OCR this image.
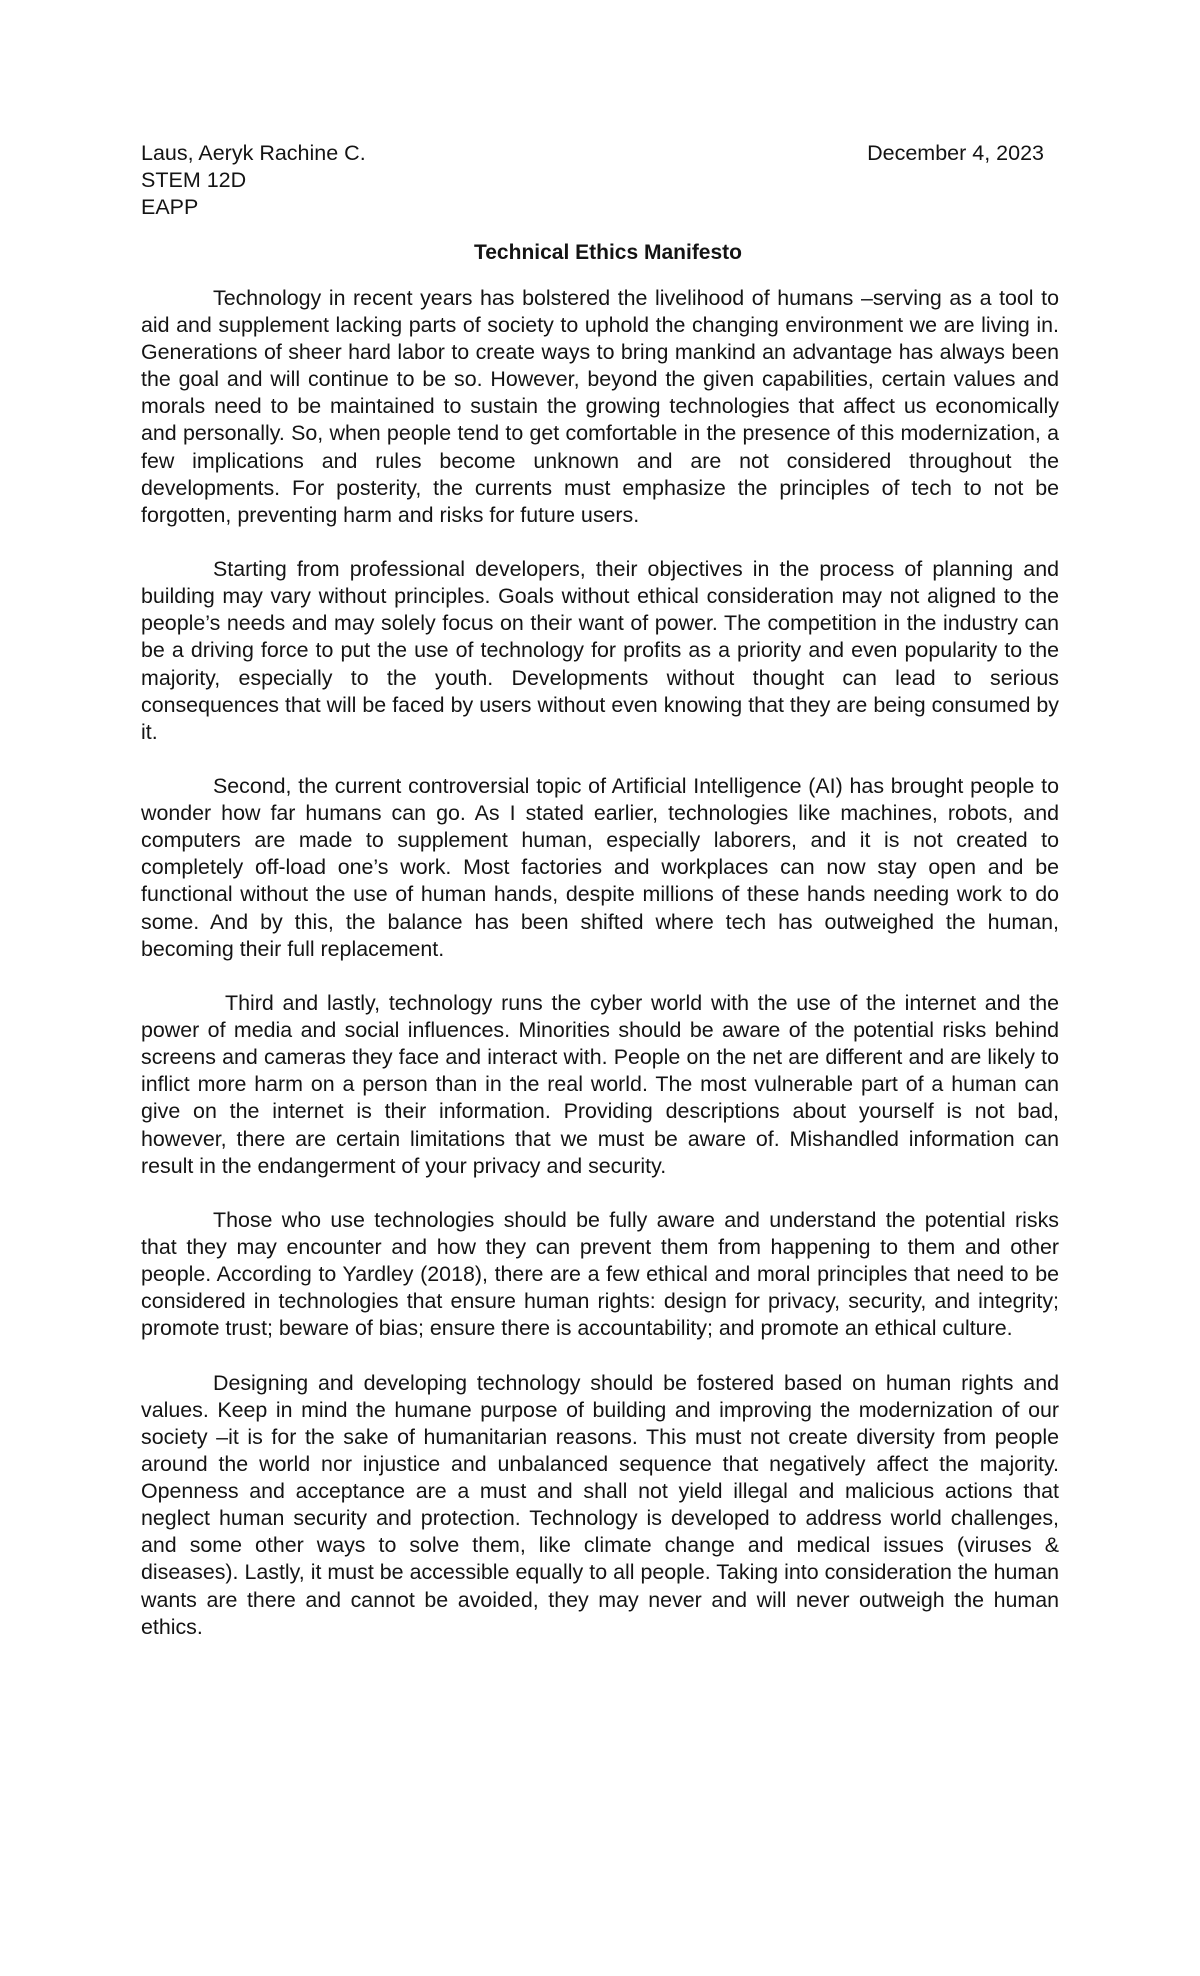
Laus, Aeryk Rachine C.
STEM 12D
EAPP
December 4, 2023
Technical Ethics Manifesto

Technology in recent years has bolstered the livelihood of humans –serving as a tool to aid and supplement lacking parts of society to uphold the changing environment we are living in. Generations of sheer hard labor to create ways to bring mankind an advantage has always been the goal and will continue to be so. However, beyond the given capabilities, certain values and morals need to be maintained to sustain the growing technologies that affect us economically and personally. So, when people tend to get comfortable in the presence of this modernization, a few implications and rules become unknown and are not considered throughout the developments. For posterity, the currents must emphasize the principles of tech to not be forgotten, preventing harm and risks for future users.

Starting from professional developers, their objectives in the process of planning and building may vary without principles. Goals without ethical consideration may not aligned to the people’s needs and may solely focus on their want of power. The competition in the industry can be a driving force to put the use of technology for profits as a priority and even popularity to the majority, especially to the youth. Developments without thought can lead to serious consequences that will be faced by users without even knowing that they are being consumed by it.

Second, the current controversial topic of Artificial Intelligence (AI) has brought people to wonder how far humans can go. As I stated earlier, technologies like machines, robots, and computers are made to supplement human, especially laborers, and it is not created to completely off-load one’s work. Most factories and workplaces can now stay open and be functional without the use of human hands, despite millions of these hands needing work to do some. And by this, the balance has been shifted where tech has outweighed the human, becoming their full replacement.

Third and lastly, technology runs the cyber world with the use of the internet and the power of media and social influences. Minorities should be aware of the potential risks behind screens and cameras they face and interact with. People on the net are different and are likely to inflict more harm on a person than in the real world. The most vulnerable part of a human can give on the internet is their information. Providing descriptions about yourself is not bad, however, there are certain limitations that we must be aware of. Mishandled information can result in the endangerment of your privacy and security.

Those who use technologies should be fully aware and understand the potential risks that they may encounter and how they can prevent them from happening to them and other people. According to Yardley (2018), there are a few ethical and moral principles that need to be considered in technologies that ensure human rights: design for privacy, security, and integrity; promote trust; beware of bias; ensure there is accountability; and promote an ethical culture.

Designing and developing technology should be fostered based on human rights and values. Keep in mind the humane purpose of building and improving the modernization of our society –it is for the sake of humanitarian reasons. This must not create diversity from people around the world nor injustice and unbalanced sequence that negatively affect the majority. Openness and acceptance are a must and shall not yield illegal and malicious actions that neglect human security and protection. Technology is developed to address world challenges, and some other ways to solve them, like climate change and medical issues (viruses & diseases). Lastly, it must be accessible equally to all people. Taking into consideration the human wants are there and cannot be avoided, they may never and will never outweigh the human ethics.
